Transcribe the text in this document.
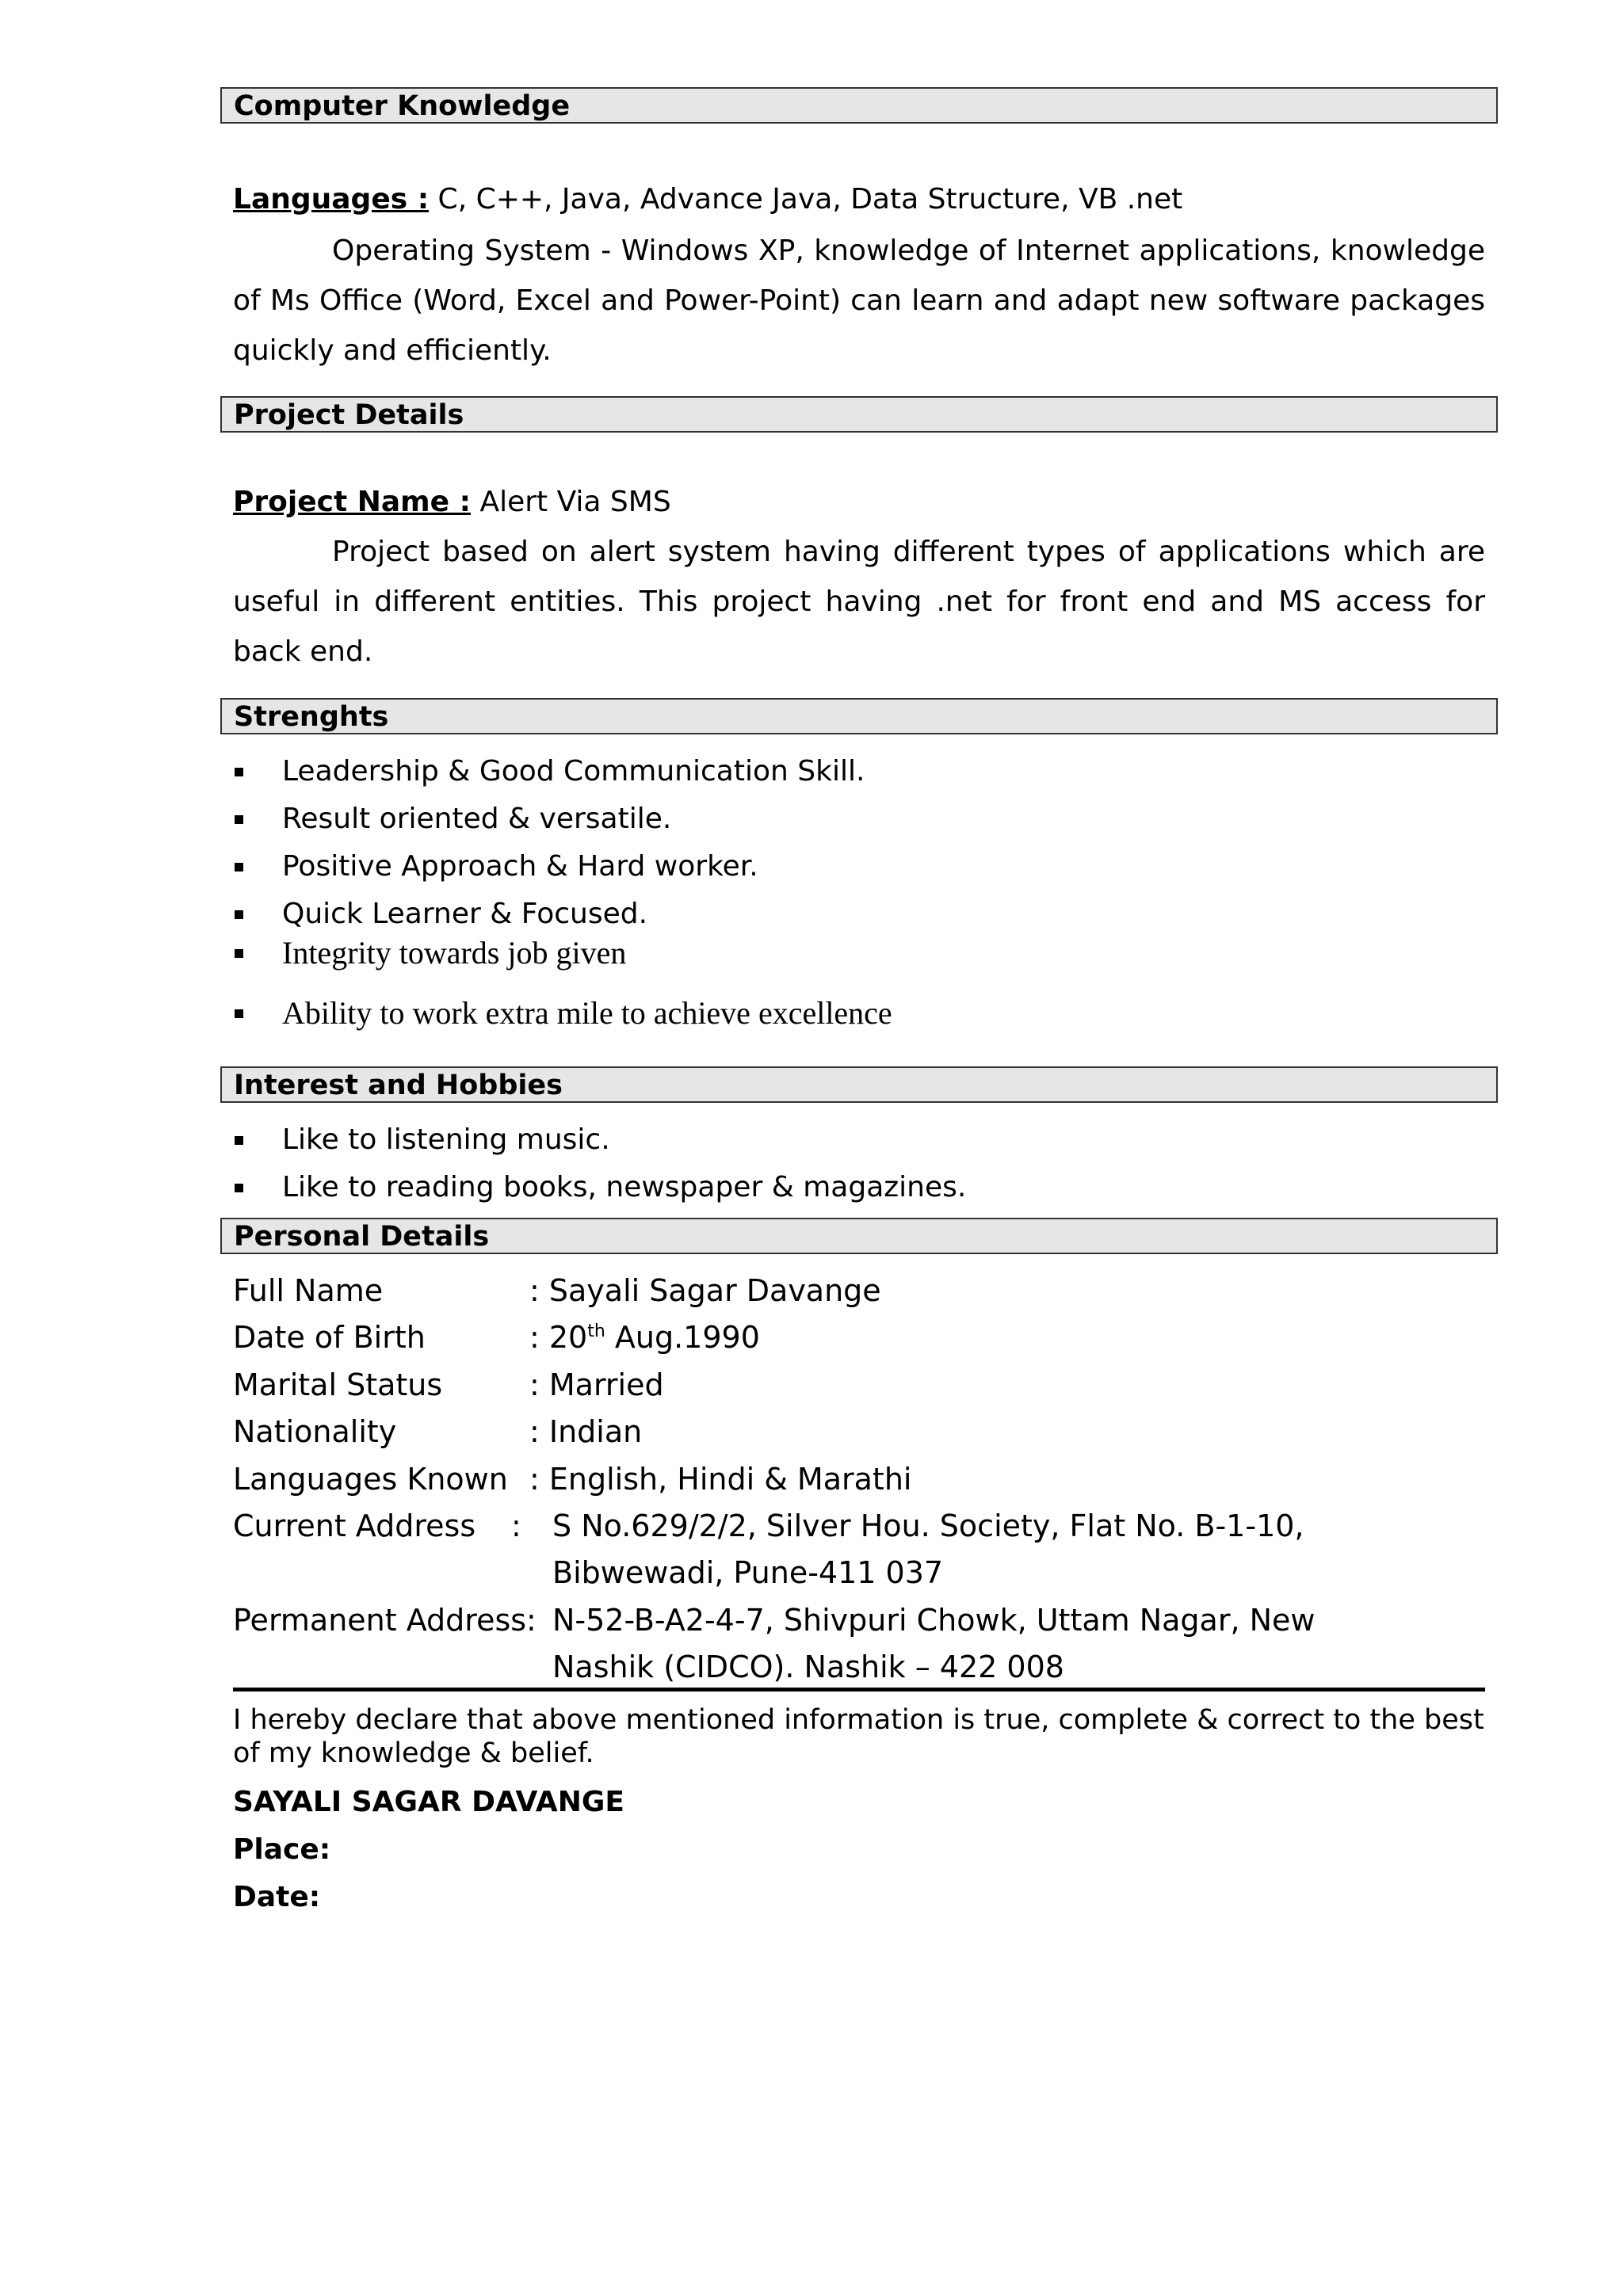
Computer Knowledge
Languages : C, C++, Java, Advance Java, Data Structure, VB .net
Operating System - Windows XP, knowledge of Internet applications, knowledge of Ms Office (Word, Excel and Power-Point) can learn and adapt new software packages quickly and efficiently.
Project Details
Project Name : Alert Via SMS
Project based on alert system having different types of applications which are useful in different entities. This project having .net for front end and MS access for back end.
Strenghts
Leadership & Good Communication Skill.
Result oriented & versatile.
Positive Approach & Hard worker.
Quick Learner & Focused.
Integrity towards job given
Ability to work extra mile to achieve excellence
Interest and Hobbies
Like to listening music.
Like to reading books, newspaper & magazines.
Personal Details
Full Name	: Sayali Sagar Davange
Date of Birth	: 20th Aug.1990
Marital Status	: Married
Nationality	: Indian
Languages Known : English, Hindi & Marathi
Current Address : S No.629/2/2, Silver Hou. Society, Flat No. B-1-10,
Bibwewadi, Pune-411 037
Permanent Address: N-52-B-A2-4-7, Shivpuri Chowk, Uttam Nagar, New
Nashik (CIDCO). Nashik – 422 008
I hereby declare that above mentioned information is true, complete & correct to the best
of my knowledge & belief.
SAYALI SAGAR DAVANGE
Place:
Date:
